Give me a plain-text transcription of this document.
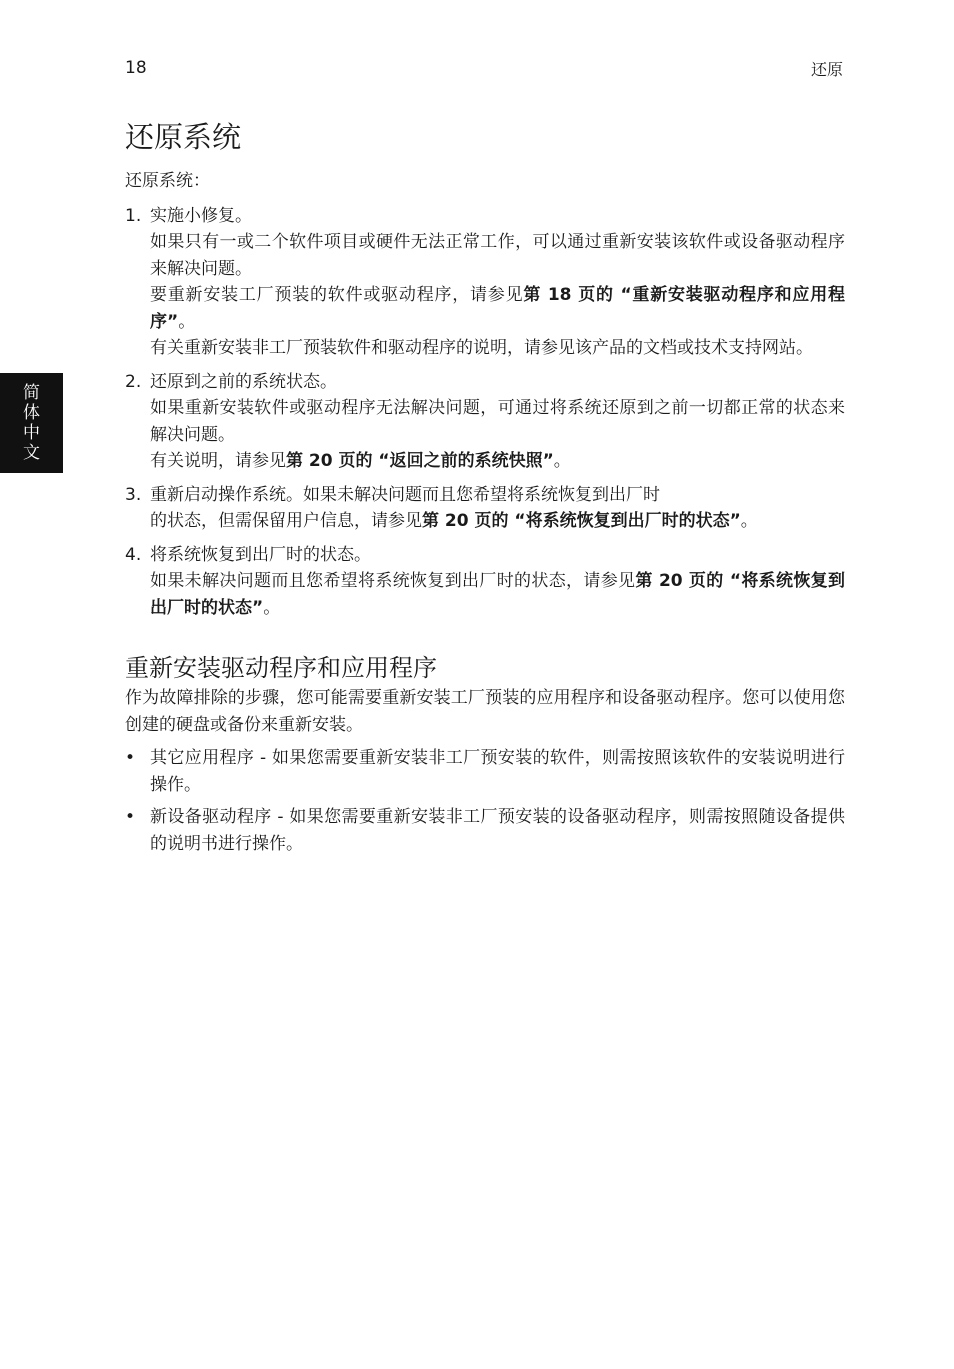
18	还原
简体中文
还原系统

还原系统：

1. 实施小修复。

如果只有一或二个软件项目或硬件无法正常工作，可以通过重新安装该软件或设备驱动程序来解决问题。

要重新安装工厂预装的软件或驱动程序，请参见第 18 页的 “重新安装驱动程序和应用程序”。

有关重新安装非工厂预装软件和驱动程序的说明，请参见该产品的文档或技术支持网站。

2. 还原到之前的系统状态。

如果重新安装软件或驱动程序无法解决问题，可通过将系统还原到之前一切都正常的状态来解决问题。

有关说明，请参见第 20 页的 “返回之前的系统快照”。

3. 重新启动操作系统。如果未解决问题而且您希望将系统恢复到出厂时

的状态，但需保留用户信息，请参见第 20 页的 “将系统恢复到出厂时的状态”。

4. 将系统恢复到出厂时的状态。

如果未解决问题而且您希望将系统恢复到出厂时的状态，请参见第 20 页的 “将系统恢复到出厂时的状态”。

重新安装驱动程序和应用程序

作为故障排除的步骤，您可能需要重新安装工厂预装的应用程序和设备驱动程序。您可以使用您创建的硬盘或备份来重新安装。

• 其它应用程序 - 如果您需要重新安装非工厂预安装的软件，则需按照该软件的安装说明进行操作。

• 新设备驱动程序 - 如果您需要重新安装非工厂预安装的设备驱动程序，则需按照随设备提供的说明书进行操作。
